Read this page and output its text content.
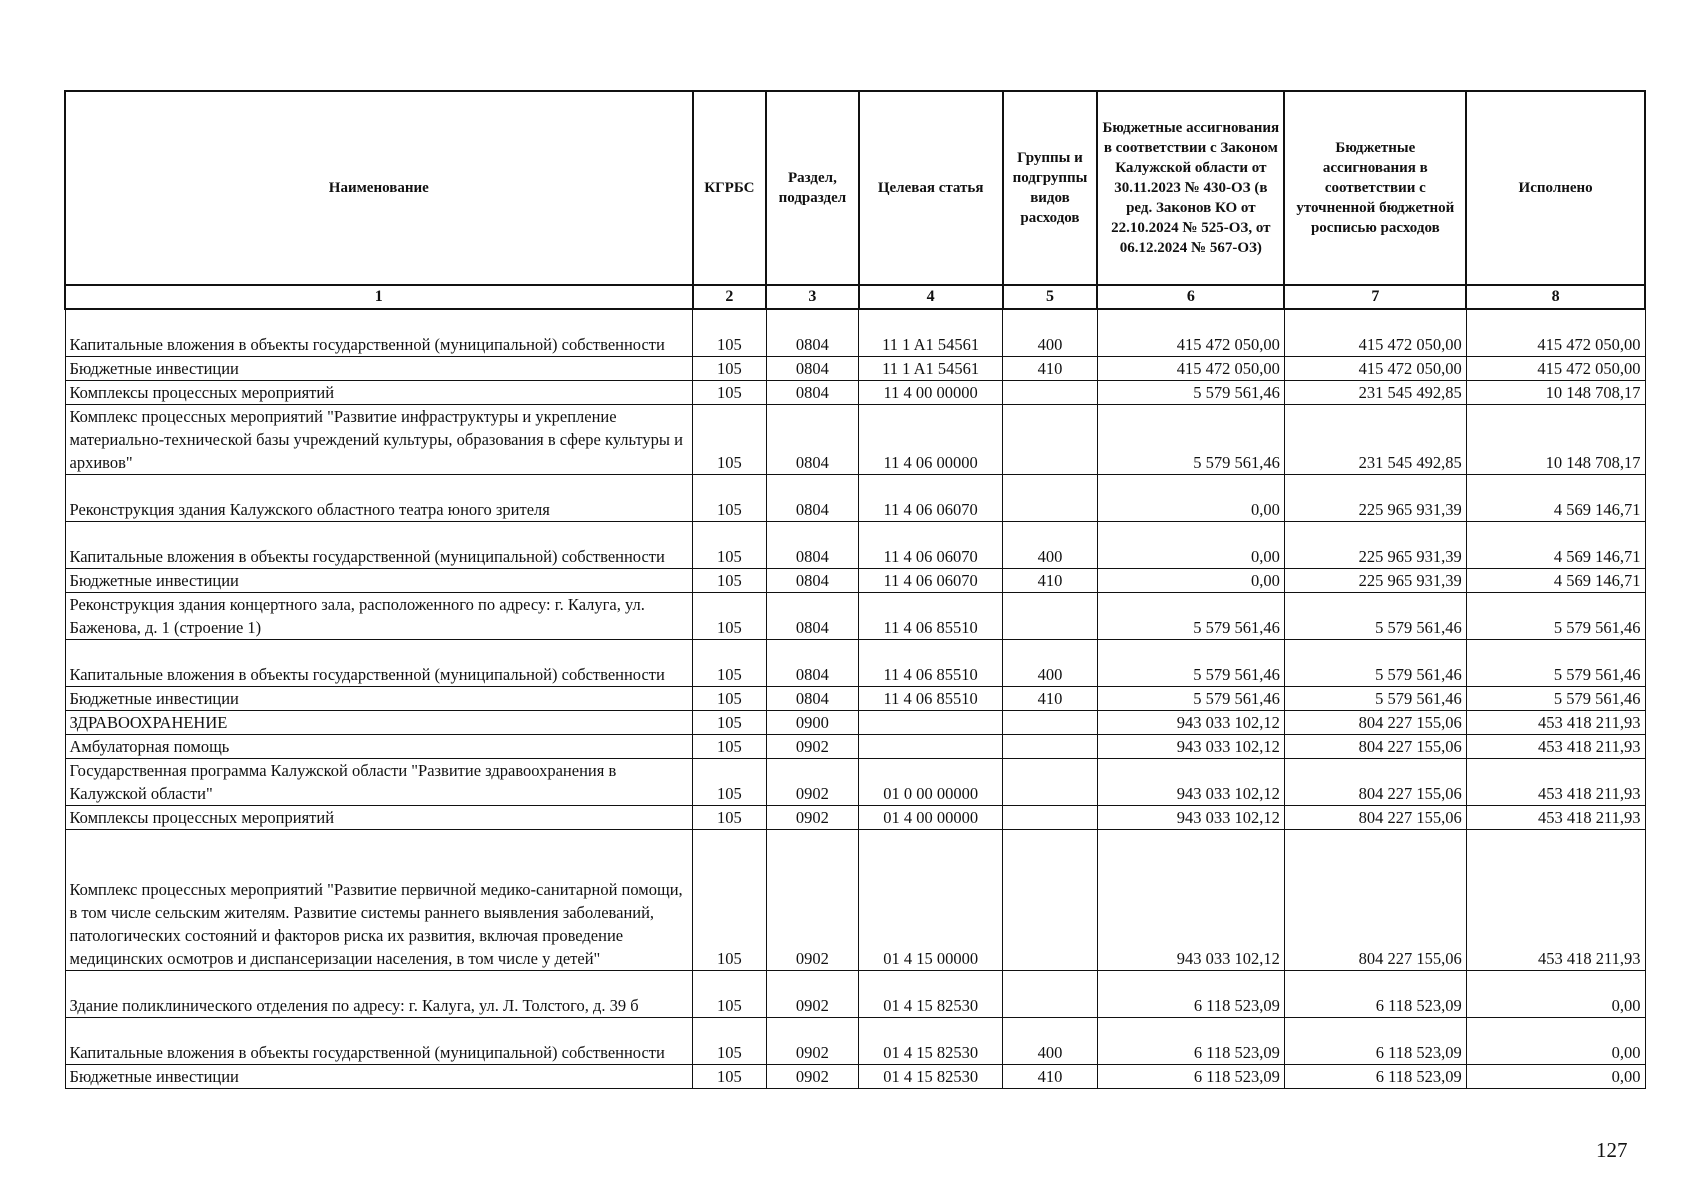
Наименование	КГРБС	Раздел, подраздел	Целевая статья	Группы и подгруппы видов расходов	Бюджетные ассигнования в соответствии с Законом Калужской области от 30.11.2023 № 430-ОЗ (в ред. Законов КО от 22.10.2024 № 525-ОЗ, от 06.12.2024 № 567-ОЗ)	Бюджетные ассигнования в соответствии с уточненной бюджетной росписью расходов	Исполнено
1	2	3	4	5	6	7	8
Капитальные вложения в объекты государственной (муниципальной) собственности	105	0804	11 1 A1 54561	400	415 472 050,00	415 472 050,00	415 472 050,00
Бюджетные инвестиции	105	0804	11 1 A1 54561	410	415 472 050,00	415 472 050,00	415 472 050,00
Комплексы процессных мероприятий	105	0804	11 4 00 00000		5 579 561,46	231 545 492,85	10 148 708,17
Комплекс процессных мероприятий "Развитие инфраструктуры и укрепление материально-технической базы учреждений культуры, образования в сфере культуры и архивов"	105	0804	11 4 06 00000		5 579 561,46	231 545 492,85	10 148 708,17
Реконструкция здания Калужского областного театра юного зрителя	105	0804	11 4 06 06070		0,00	225 965 931,39	4 569 146,71
Капитальные вложения в объекты государственной (муниципальной) собственности	105	0804	11 4 06 06070	400	0,00	225 965 931,39	4 569 146,71
Бюджетные инвестиции	105	0804	11 4 06 06070	410	0,00	225 965 931,39	4 569 146,71
Реконструкция здания концертного зала, расположенного по адресу: г. Калуга, ул. Баженова, д. 1 (строение 1)	105	0804	11 4 06 85510		5 579 561,46	5 579 561,46	5 579 561,46
Капитальные вложения в объекты государственной (муниципальной) собственности	105	0804	11 4 06 85510	400	5 579 561,46	5 579 561,46	5 579 561,46
Бюджетные инвестиции	105	0804	11 4 06 85510	410	5 579 561,46	5 579 561,46	5 579 561,46
ЗДРАВООХРАНЕНИЕ	105	0900			943 033 102,12	804 227 155,06	453 418 211,93
Амбулаторная помощь	105	0902			943 033 102,12	804 227 155,06	453 418 211,93
Государственная программа Калужской области "Развитие здравоохранения в Калужской области"	105	0902	01 0 00 00000		943 033 102,12	804 227 155,06	453 418 211,93
Комплексы процессных мероприятий	105	0902	01 4 00 00000		943 033 102,12	804 227 155,06	453 418 211,93
Комплекс процессных мероприятий "Развитие первичной медико-санитарной помощи, в том числе сельским жителям. Развитие системы раннего выявления заболеваний, патологических состояний и факторов риска их развития, включая проведение медицинских осмотров и диспансеризации населения, в том числе у детей"	105	0902	01 4 15 00000		943 033 102,12	804 227 155,06	453 418 211,93
Здание поликлинического отделения по адресу: г. Калуга, ул. Л. Толстого, д. 39 б	105	0902	01 4 15 82530		6 118 523,09	6 118 523,09	0,00
Капитальные вложения в объекты государственной (муниципальной) собственности	105	0902	01 4 15 82530	400	6 118 523,09	6 118 523,09	0,00
Бюджетные инвестиции	105	0902	01 4 15 82530	410	6 118 523,09	6 118 523,09	0,00
127
